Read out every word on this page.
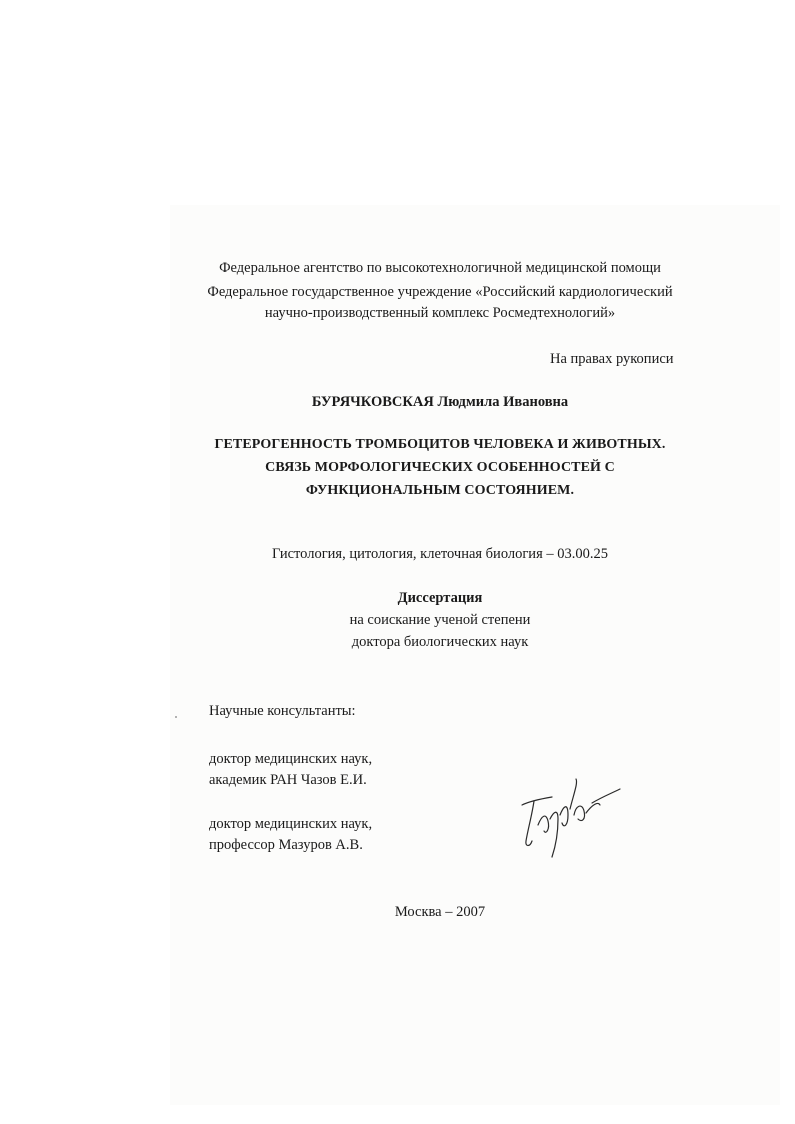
Федеральное агентство по высокотехнологичной медицинской помощи
Федеральное государственное учреждение «Российский кардиологический
научно-производственный комплекс Росмедтехнологий»
На правах рукописи
БУРЯЧКОВСКАЯ Людмила Ивановна
ГЕТЕРОГЕННОСТЬ ТРОМБОЦИТОВ ЧЕЛОВЕКА И ЖИВОТНЫХ.
СВЯЗЬ МОРФОЛОГИЧЕСКИХ ОСОБЕННОСТЕЙ С
ФУНКЦИОНАЛЬНЫМ СОСТОЯНИЕМ.
Гистология, цитология, клеточная биология – 03.00.25
Диссертация
на соискание ученой степени
доктора биологических наук
Научные консультанты:
доктор медицинских наук,
академик РАН Чазов Е.И.
доктор медицинских наук,
профессор Мазуров А.В.
Москва – 2007
